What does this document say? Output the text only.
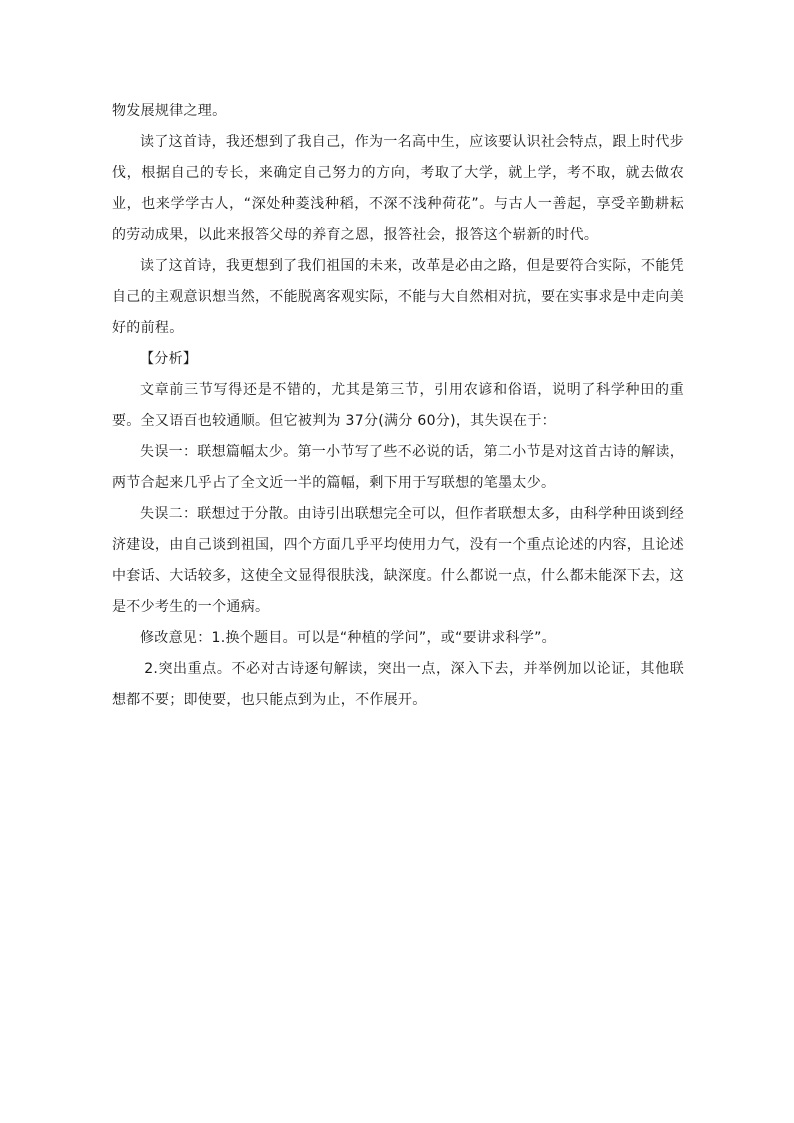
物发展规律之理。

读了这首诗，我还想到了我自己，作为一名高中生，应该要认识社会特点，跟上时代步伐，根据自己的专长，来确定自己努力的方向，考取了大学，就上学，考不取，就去做农业，也来学学古人，“深处种菱浅种稻，不深不浅种荷花”。与古人一善起，享受辛勤耕耘的劳动成果，以此来报答父母的养育之恩，报答社会，报答这个崭新的时代。

读了这首诗，我更想到了我们祖国的未来，改革是必由之路，但是要符合实际，不能凭自己的主观意识想当然，不能脱离客观实际，不能与大自然相对抗，要在实事求是中走向美好的前程。

【分析】

文章前三节写得还是不错的，尤其是第三节，引用农谚和俗语，说明了科学种田的重要。全又语百也较通顺。但它被判为 37分(满分 60分)，其失误在于：

失误一：联想篇幅太少。第一小节写了些不必说的话，第二小节是对这首古诗的解读，两节合起来几乎占了全文近一半的篇幅，剩下用于写联想的笔墨太少。

失误二：联想过于分散。由诗引出联想完全可以，但作者联想太多，由科学种田谈到经济建设，由自己谈到祖国，四个方面几乎平均使用力气，没有一个重点论述的内容，且论述中套话、大话较多，这使全文显得很肤浅，缺深度。什么都说一点，什么都未能深下去，这是不少考生的一个通病。

修改意见：1.换个题目。可以是“种植的学问”，或“要讲求科学”。

2.突出重点。不必对古诗逐句解读，突出一点，深入下去，并举例加以论证，其他联想都不要；即使要，也只能点到为止，不作展开。
